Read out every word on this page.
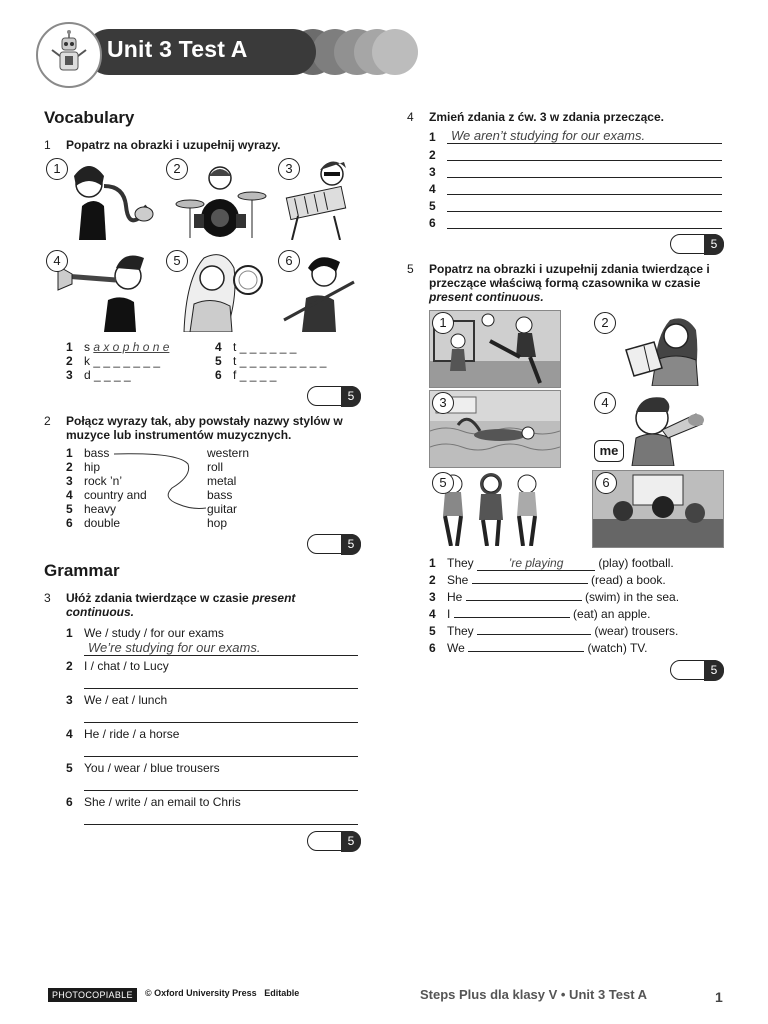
Unit 3 Test A
Vocabulary
1 Popatrz na obrazki i uzupełnij wyrazy.
1	2	3
4	5	6
1 s a x o p h o n e
2 k _ _ _ _ _ _ _
3 d _ _ _ _
4 t _ _ _ _ _ _
5 t _ _ _ _ _ _ _ _ _
6 f _ _ _ _
5
2 Połącz wyrazy tak, aby powstały nazwy stylów w muzyce lub instrumentów muzycznych.
1 bass
2 hip
3 rock ’n’
4 country and
5 heavy
6 double
western
roll
metal
bass
guitar
hop
5
Grammar
3 Ułóż zdania twierdzące w czasie present
continuous.
1 We / study / for our exams
We’re studying for our exams.
2 I / chat / to Lucy
3 We / eat / lunch
4 He / ride / a horse
5 You / wear / blue trousers
6 She / write / an email to Chris
5
4 Zmień zdania z ćw. 3 w zdania przeczące.
1	We aren’t studying for our exams.
2
3
4
5
6
5
5 Popatrz na obrazki i uzupełnij zdania twierdzące i przeczące właściwą formą czasownika w czasie present continuous.
1	2
3	4
me
5	6
1 They	’re playing	(play) football.
2 She	(read) a book.
3 He	(swim) in the sea.
4 I	(eat) an apple.
5 They	(wear) trousers.
6 We	(watch) TV.
5
PHOTOCOPIABLE	© Oxford University Press Editable	Steps Plus dla klasy V • Unit 3 Test A	1
